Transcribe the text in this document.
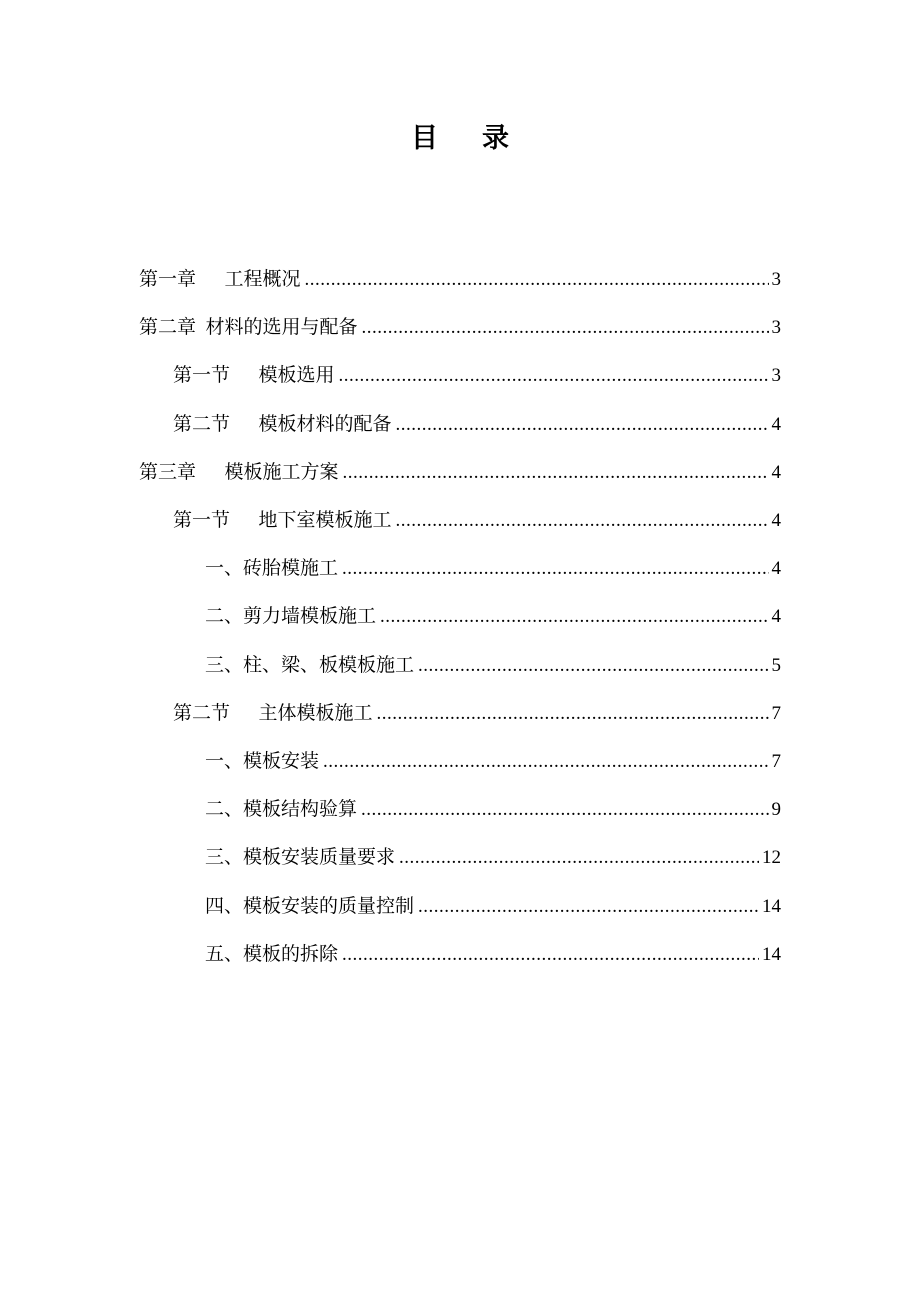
目录
第一章　  工程概况 .....	3
第二章  材料的选用与配备 .....	3
第一节　  模板选用 .....	3
第二节　  模板材料的配备 .....	4
第三章　  模板施工方案 .....	4
第一节　  地下室模板施工 .....	4
一、砖胎模施工 .....	4
二、剪力墙模板施工 .....	4
三、柱、梁、板模板施工 .....	5
第二节　  主体模板施工 .....	7
一、模板安装 .....	7
二、模板结构验算 .....	9
三、模板安装质量要求 .....	12
四、模板安装的质量控制 .....	14
五、模板的拆除 .....	14
